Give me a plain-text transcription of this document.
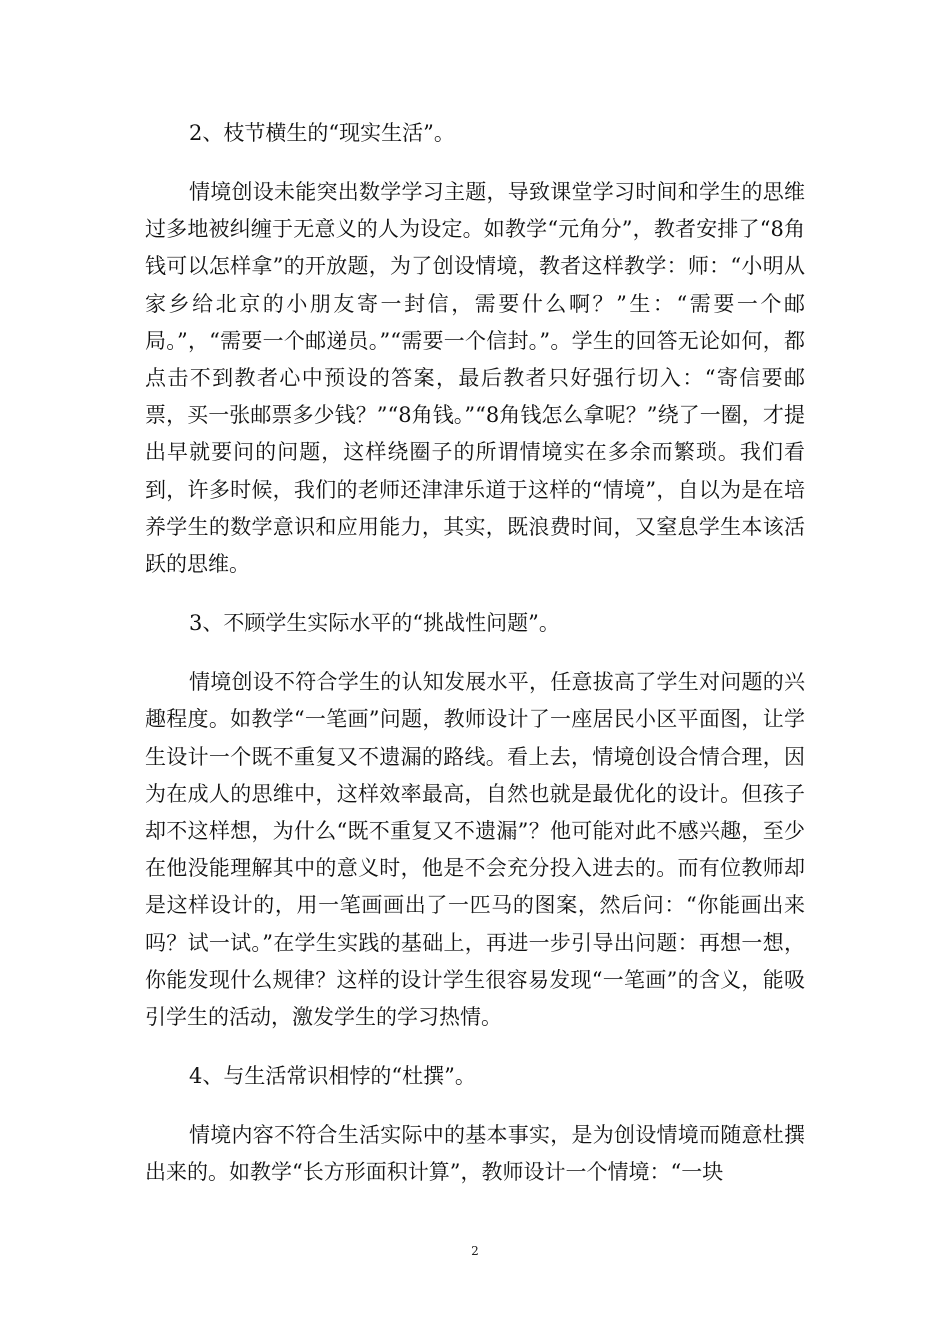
2、枝节横生的“现实生活”。

情境创设未能突出数学学习主题，导致课堂学习时间和学生的思维过多地被纠缠于无意义的人为设定。如教学“元角分”，教者安排了“8角钱可以怎样拿”的开放题，为了创设情境，教者这样教学：师：“小明从家乡给北京的小朋友寄一封信，需要什么啊？”生：“需要一个邮局。”，“需要一个邮递员。”“需要一个信封。”。学生的回答无论如何，都点击不到教者心中预设的答案，最后教者只好强行切入：“寄信要邮票，买一张邮票多少钱？”“8角钱。”“8角钱怎么拿呢？”绕了一圈，才提出早就要问的问题，这样绕圈子的所谓情境实在多余而繁琐。我们看到，许多时候，我们的老师还津津乐道于这样的“情境”，自以为是在培养学生的数学意识和应用能力，其实，既浪费时间，又窒息学生本该活跃的思维。

3、不顾学生实际水平的“挑战性问题”。

情境创设不符合学生的认知发展水平，任意拔高了学生对问题的兴趣程度。如教学“一笔画”问题，教师设计了一座居民小区平面图，让学生设计一个既不重复又不遗漏的路线。看上去，情境创设合情合理，因为在成人的思维中，这样效率最高，自然也就是最优化的设计。但孩子却不这样想，为什么“既不重复又不遗漏”？他可能对此不感兴趣，至少在他没能理解其中的意义时，他是不会充分投入进去的。而有位教师却是这样设计的，用一笔画画出了一匹马的图案，然后问：“你能画出来吗？试一试。”在学生实践的基础上，再进一步引导出问题：再想一想，你能发现什么规律？这样的设计学生很容易发现“一笔画”的含义，能吸引学生的活动，激发学生的学习热情。

4、与生活常识相悖的“杜撰”。

情境内容不符合生活实际中的基本事实，是为创设情境而随意杜撰出来的。如教学“长方形面积计算”，教师设计一个情境：“一块

2
